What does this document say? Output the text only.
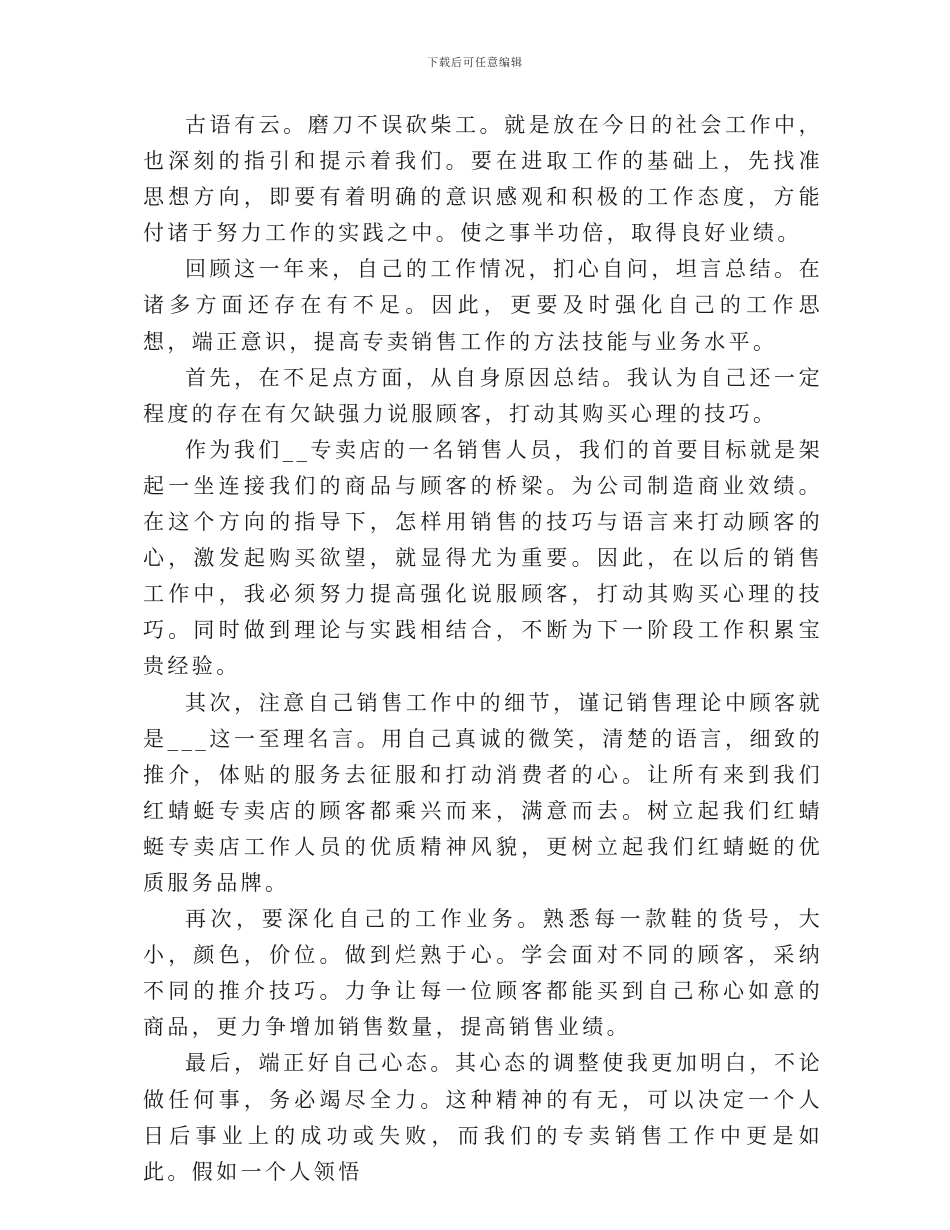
下载后可任意编辑

古语有云。磨刀不误砍柴工。就是放在今日的社会工作中，也深刻的指引和提示着我们。要在进取工作的基础上，先找准思想方向，即要有着明确的意识感观和积极的工作态度，方能付诸于努力工作的实践之中。使之事半功倍，取得良好业绩。

回顾这一年来，自己的工作情况，扪心自问，坦言总结。在诸多方面还存在有不足。因此，更要及时强化自己的工作思想，端正意识，提高专卖销售工作的方法技能与业务水平。

首先，在不足点方面，从自身原因总结。我认为自己还一定程度的存在有欠缺强力说服顾客，打动其购买心理的技巧。

作为我们__专卖店的一名销售人员，我们的首要目标就是架起一坐连接我们的商品与顾客的桥梁。为公司制造商业效绩。在这个方向的指导下，怎样用销售的技巧与语言来打动顾客的心，激发起购买欲望，就显得尤为重要。因此，在以后的销售工作中，我必须努力提高强化说服顾客，打动其购买心理的技巧。同时做到理论与实践相结合，不断为下一阶段工作积累宝贵经验。

其次，注意自己销售工作中的细节，谨记销售理论中顾客就是___这一至理名言。用自己真诚的微笑，清楚的语言，细致的推介，体贴的服务去征服和打动消费者的心。让所有来到我们红蜻蜓专卖店的顾客都乘兴而来，满意而去。树立起我们红蜻蜓专卖店工作人员的优质精神风貌，更树立起我们红蜻蜓的优质服务品牌。

再次，要深化自己的工作业务。熟悉每一款鞋的货号，大小，颜色，价位。做到烂熟于心。学会面对不同的顾客，采纳不同的推介技巧。力争让每一位顾客都能买到自己称心如意的商品，更力争增加销售数量，提高销售业绩。

最后，端正好自己心态。其心态的调整使我更加明白，不论做任何事，务必竭尽全力。这种精神的有无，可以决定一个人日后事业上的成功或失败，而我们的专卖销售工作中更是如此。假如一个人领悟
